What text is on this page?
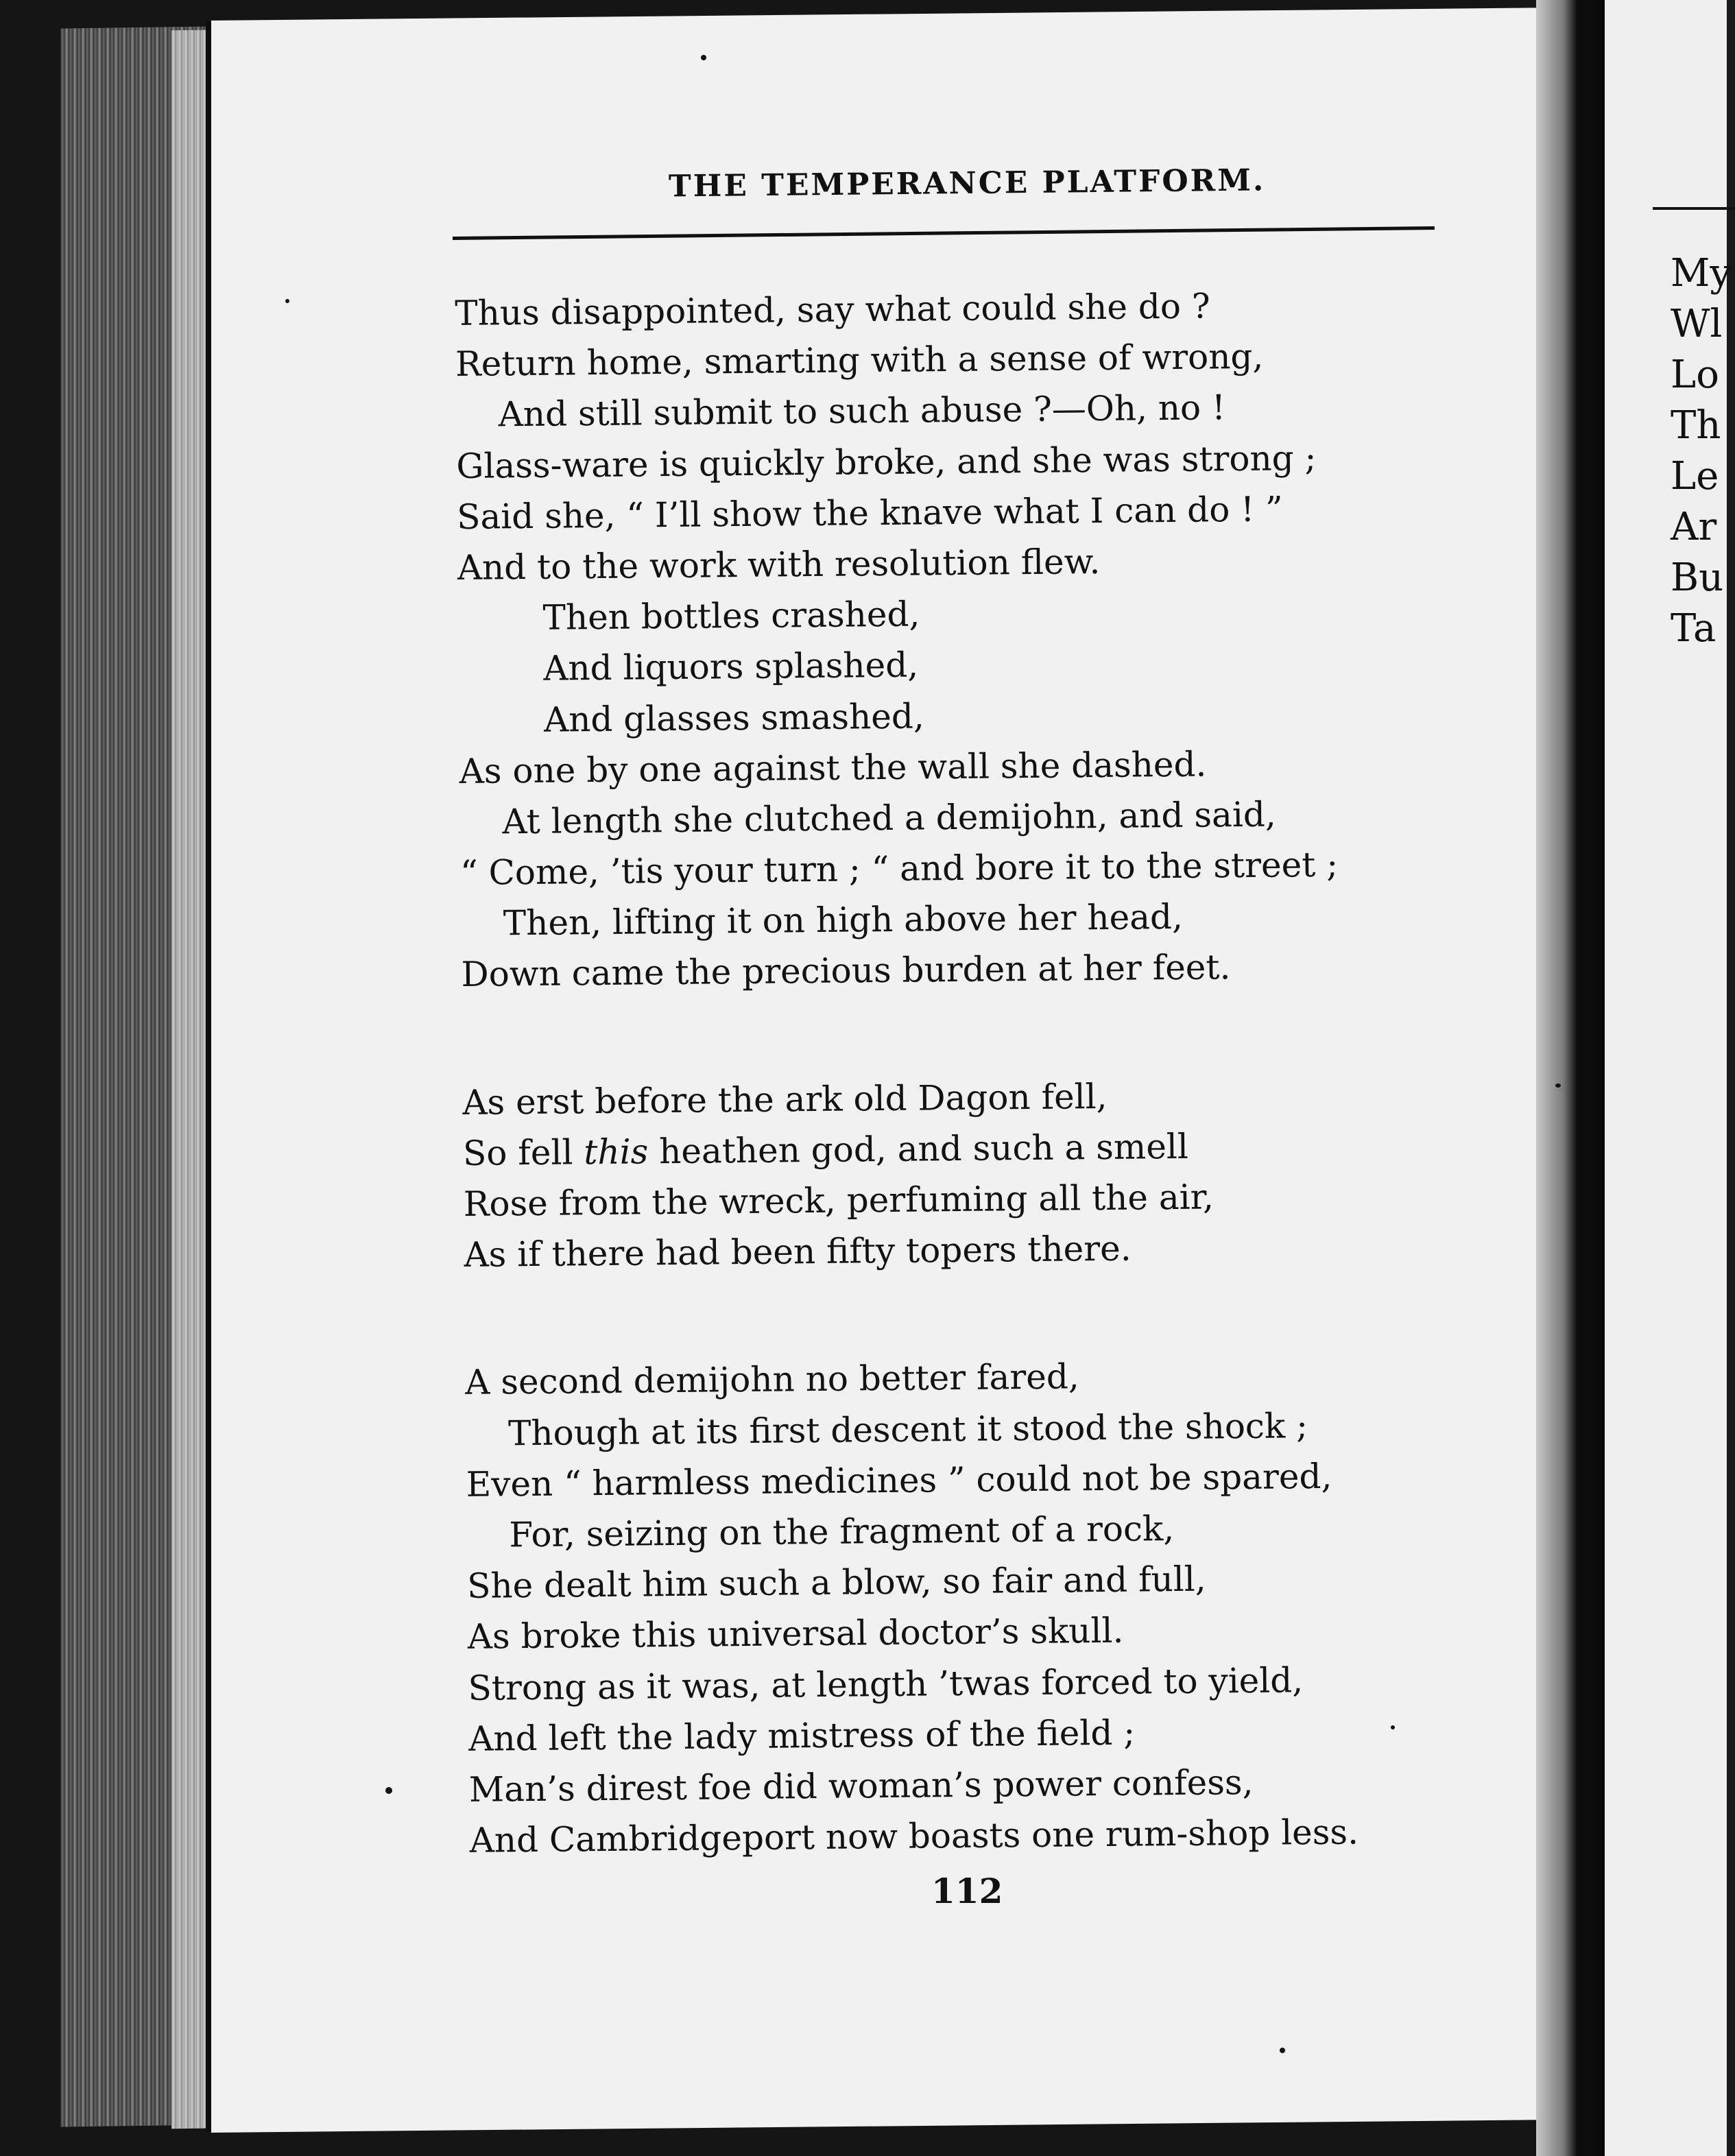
THE TEMPERANCE PLATFORM.
Thus disappointed, say what could she do ?
Return home, smarting with a sense of wrong,
And still submit to such abuse ?—Oh, no !
Glass-ware is quickly broke, and she was strong ;
Said she, “ I’ll show the knave what I can do ! ”
And to the work with resolution flew.
Then bottles crashed,
And liquors splashed,
And glasses smashed,
As one by one against the wall she dashed.
At length she clutched a demijohn, and said,
“ Come, ’tis your turn ; “ and bore it to the street ;
Then, lifting it on high above her head,
Down came the precious burden at her feet.
As erst before the ark old Dagon fell,
So fell this heathen god, and such a smell
Rose from the wreck, perfuming all the air,
As if there had been fifty topers there.
A second demijohn no better fared,
Though at its first descent it stood the shock ;
Even “ harmless medicines ” could not be spared,
For, seizing on the fragment of a rock,
She dealt him such a blow, so fair and full,
As broke this universal doctor’s skull.
Strong as it was, at length ’twas forced to yield,
And left the lady mistress of the field ;
Man’s direst foe did woman’s power confess,
And Cambridgeport now boasts one rum-shop less.
112
My
Wl
Lo
Th
Le
Ar
Bu
Ta
